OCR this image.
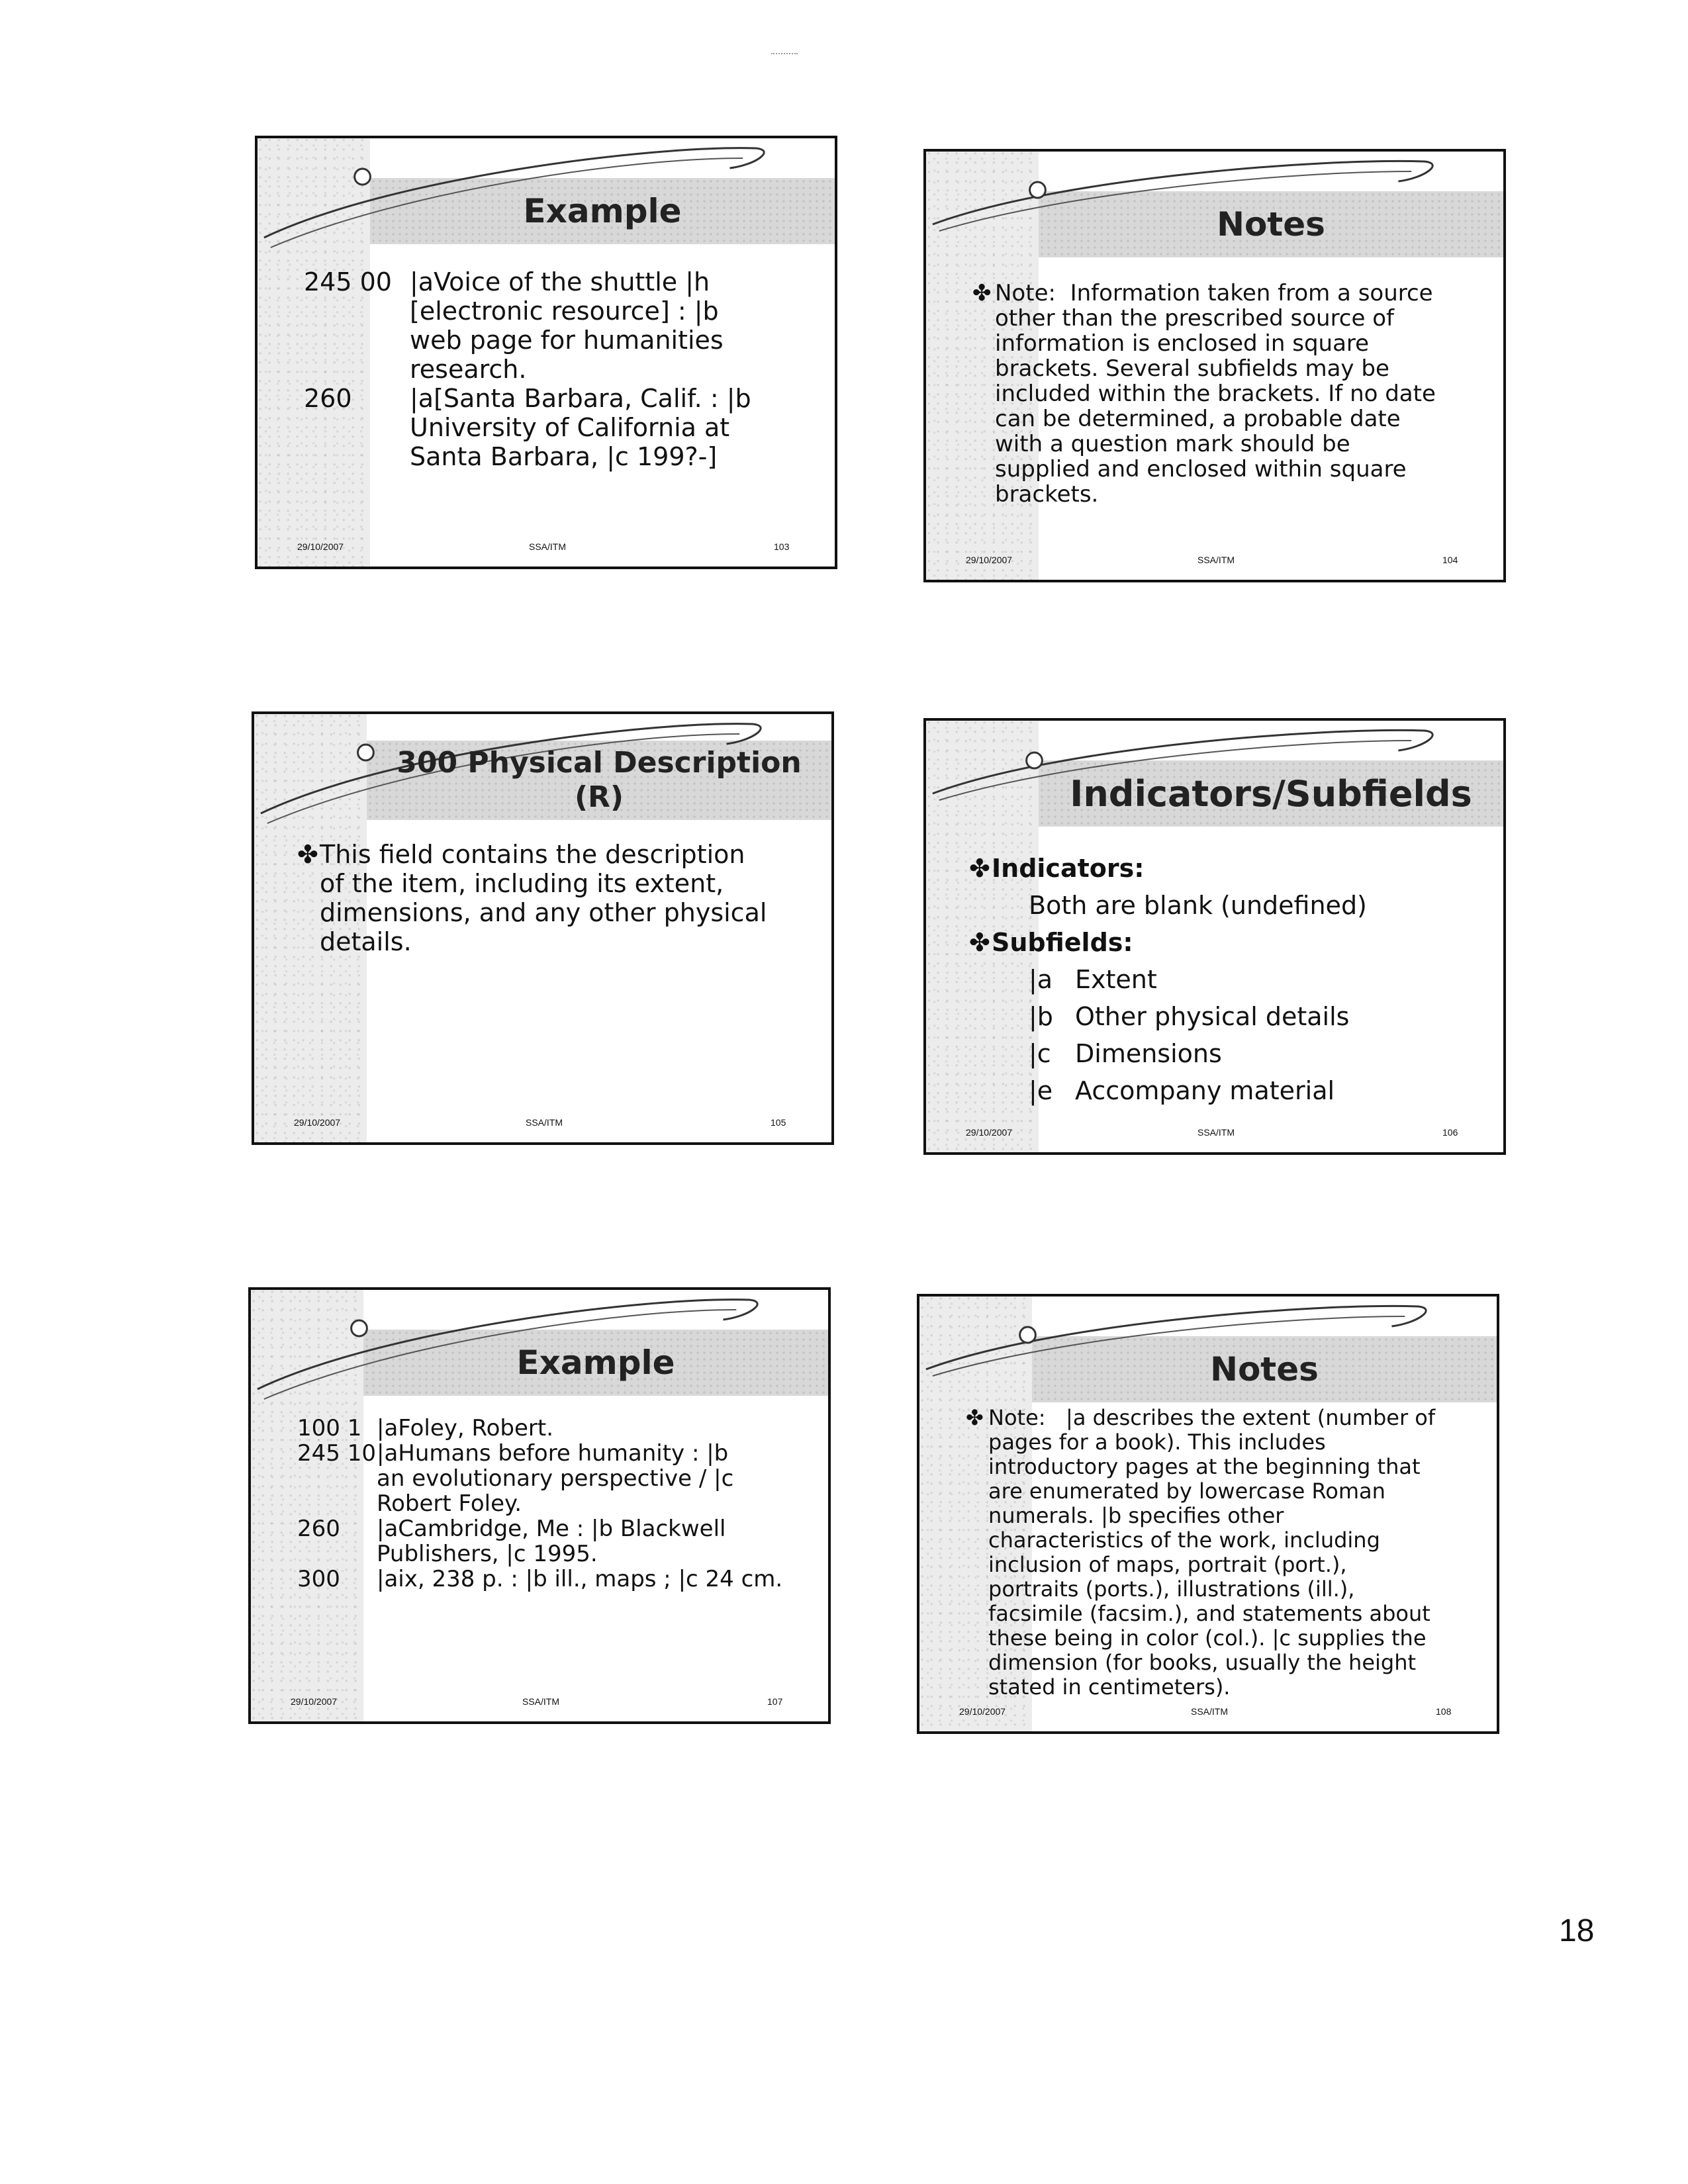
Example
245 00 |aVoice of the shuttle |h
[electronic resource] : |b
web page for humanities
research.
260	|a[Santa Barbara, Calif. : |b
University of California at
Santa Barbara, |c 199?-]
29/10/2007	SSA/ITM	103
Notes
✤ Note: Information taken from a source
other than the prescribed source of
information is enclosed in square
brackets. Several subfields may be
included within the brackets. If no date
can be determined, a probable date
with a question mark should be
supplied and enclosed within square
brackets.
29/10/2007	SSA/ITM	104
300 Physical Description
(R)
✤This field contains the description
of the item, including its extent,
dimensions, and any other physical
details.
29/10/2007	SSA/ITM	105
Indicators/Subfields
✤Indicators:
Both are blank (undefined)
✤Subfields:
|a Extent
|b Other physical details
|c Dimensions
|e Accompany material
29/10/2007	SSA/ITM	106
Example
100 1 |aFoley, Robert.
245 10 |aHumans before humanity : |b
an evolutionary perspective / |c
Robert Foley.
260	|aCambridge, Me : |b Blackwell
Publishers, |c 1995.
300	|aix, 238 p. : |b ill., maps ; |c 24 cm.
29/10/2007	SSA/ITM	107
Notes
✤ Note: |a describes the extent (number of
pages for a book). This includes
introductory pages at the beginning that
are enumerated by lowercase Roman
numerals. |b specifies other
characteristics of the work, including
inclusion of maps, portrait (port.),
portraits (ports.), illustrations (ill.),
facsimile (facsim.), and statements about
these being in color (col.). |c supplies the
dimension (for books, usually the height
stated in centimeters).
29/10/2007	SSA/ITM	108
18
